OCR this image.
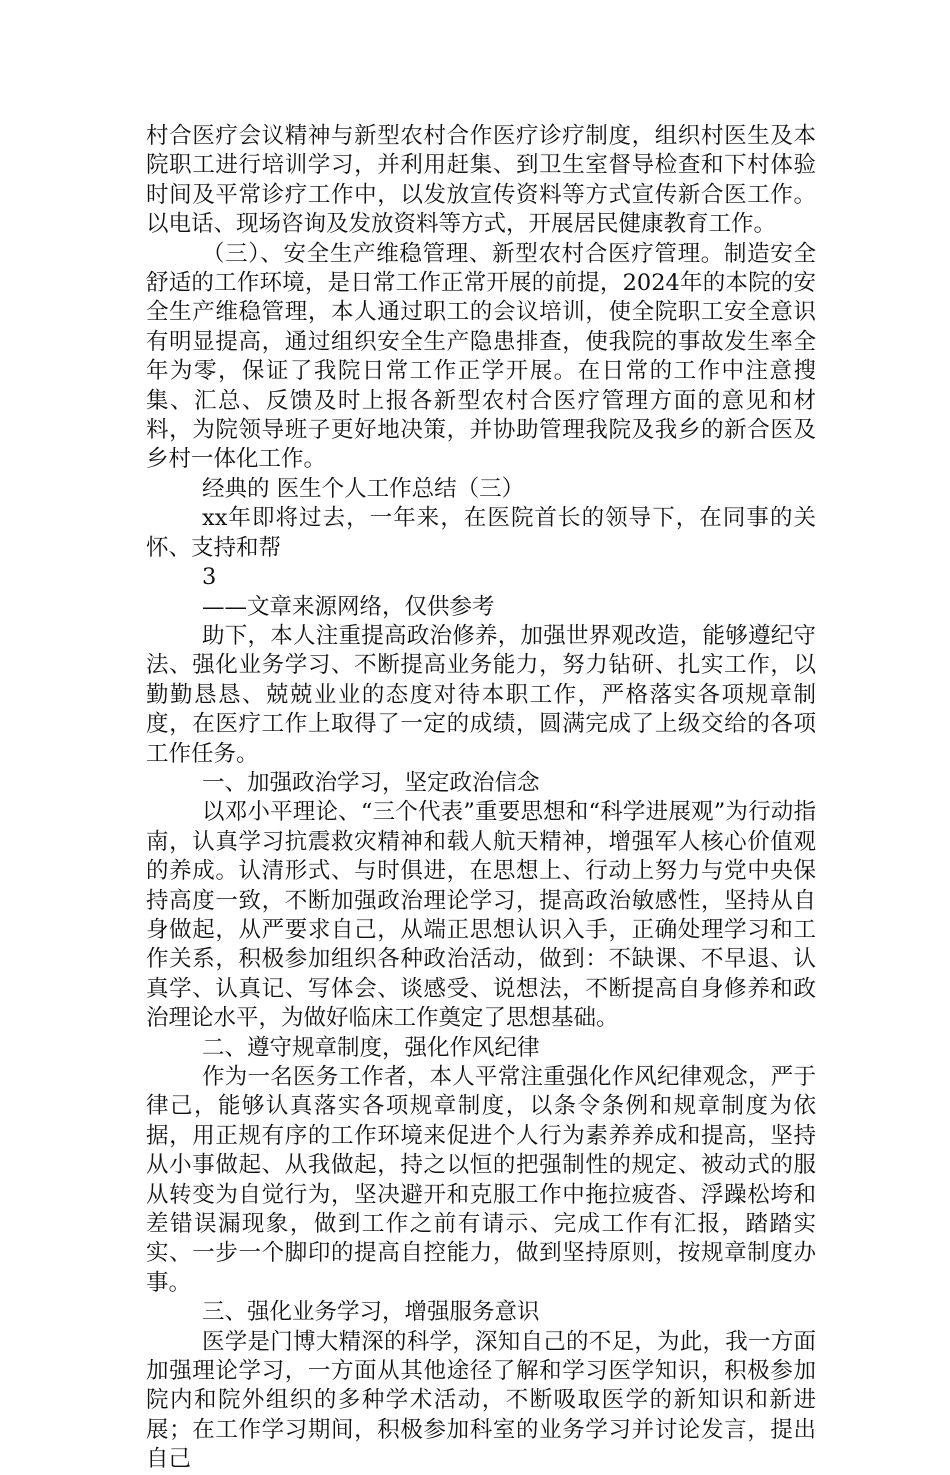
村合医疗会议精神与新型农村合作医疗诊疗制度，组织村医生及本院职工进行培训学习，并利用赶集、到卫生室督导检查和下村体验时间及平常诊疗工作中，以发放宣传资料等方式宣传新合医工作。以电话、现场咨询及发放资料等方式，开展居民健康教育工作。

（三）、安全生产维稳管理、新型农村合医疗管理。制造安全舒适的工作环境，是日常工作正常开展的前提，2024年的本院的安全生产维稳管理，本人通过职工的会议培训，使全院职工安全意识有明显提高，通过组织安全生产隐患排查，使我院的事故发生率全年为零，保证了我院日常工作正学开展。在日常的工作中注意搜集、汇总、反馈及时上报各新型农村合医疗管理方面的意见和材料，为院领导班子更好地决策，并协助管理我院及我乡的新合医及乡村一体化工作。

经典的 医生个人工作总结（三）

xx年即将过去，一年来，在医院首长的领导下，在同事的关怀、支持和帮

3

——文章来源网络，仅供参考

助下，本人注重提高政治修养，加强世界观改造，能够遵纪守法、强化业务学习、不断提高业务能力，努力钻研、扎实工作，以勤勤恳恳、兢兢业业的态度对待本职工作，严格落实各项规章制度，在医疗工作上取得了一定的成绩，圆满完成了上级交给的各项工作任务。

一、加强政治学习，坚定政治信念

以邓小平理论、“三个代表”重要思想和“科学进展观”为行动指南，认真学习抗震救灾精神和载人航天精神，增强军人核心价值观的养成。认清形式、与时俱进，在思想上、行动上努力与党中央保持高度一致，不断加强政治理论学习，提高政治敏感性，坚持从自身做起，从严要求自己，从端正思想认识入手，正确处理学习和工作关系，积极参加组织各种政治活动，做到：不缺课、不早退、认真学、认真记、写体会、谈感受、说想法，不断提高自身修养和政治理论水平，为做好临床工作奠定了思想基础。

二、遵守规章制度，强化作风纪律

作为一名医务工作者，本人平常注重强化作风纪律观念，严于律己，能够认真落实各项规章制度，以条令条例和规章制度为依据，用正规有序的工作环境来促进个人行为素养养成和提高，坚持从小事做起、从我做起，持之以恒的把强制性的规定、被动式的服从转变为自觉行为，坚决避开和克服工作中拖拉疲沓、浮躁松垮和差错误漏现象，做到工作之前有请示、完成工作有汇报，踏踏实实、一步一个脚印的提高自控能力，做到坚持原则，按规章制度办事。

三、强化业务学习，增强服务意识

医学是门博大精深的科学，深知自己的不足，为此，我一方面加强理论学习，一方面从其他途径了解和学习医学知识，积极参加院内和院外组织的多种学术活动，不断吸取医学的新知识和新进展；在工作学习期间，积极参加科室的业务学习并讨论发言，提出自己
